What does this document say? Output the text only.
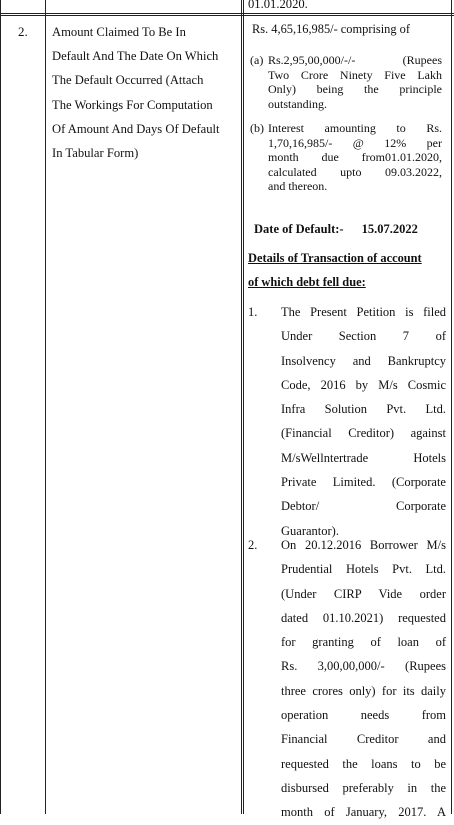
01.01.2020.
2. Amount Claimed To Be In
Default And The Date On Which
The Default Occurred (Attach
The Workings For Computation
Of Amount And Days Of Default
In Tabular Form)
Rs. 4,65,16,985/- comprising of
(a) Rs.2,95,00,000/-/- (Rupees
Two Crore Ninety Five Lakh
Only) being the principle
outstanding.
(b) Interest amounting to Rs.
1,70,16,985/- @ 12% per
month due from01.01.2020,
calculated upto 09.03.2022,
and thereon.
Date of Default:- 15.07.2022
Details of Transaction of account
of which debt fell due:
1. The Present Petition is filed
Under Section 7 of
Insolvency and Bankruptcy
Code, 2016 by M/s Cosmic
Infra Solution Pvt. Ltd.
(Financial Creditor) against
M/sWellntertrade Hotels
Private Limited. (Corporate
Debtor/ Corporate
Guarantor).
2. On 20.12.2016 Borrower M/s
Prudential Hotels Pvt. Ltd.
(Under CIRP Vide order
dated 01.10.2021) requested
for granting of loan of
Rs. 3,00,00,000/- (Rupees
three crores only) for its daily
operation needs from
Financial Creditor and
requested the loans to be
disbursed preferably in the
month of January, 2017. A
